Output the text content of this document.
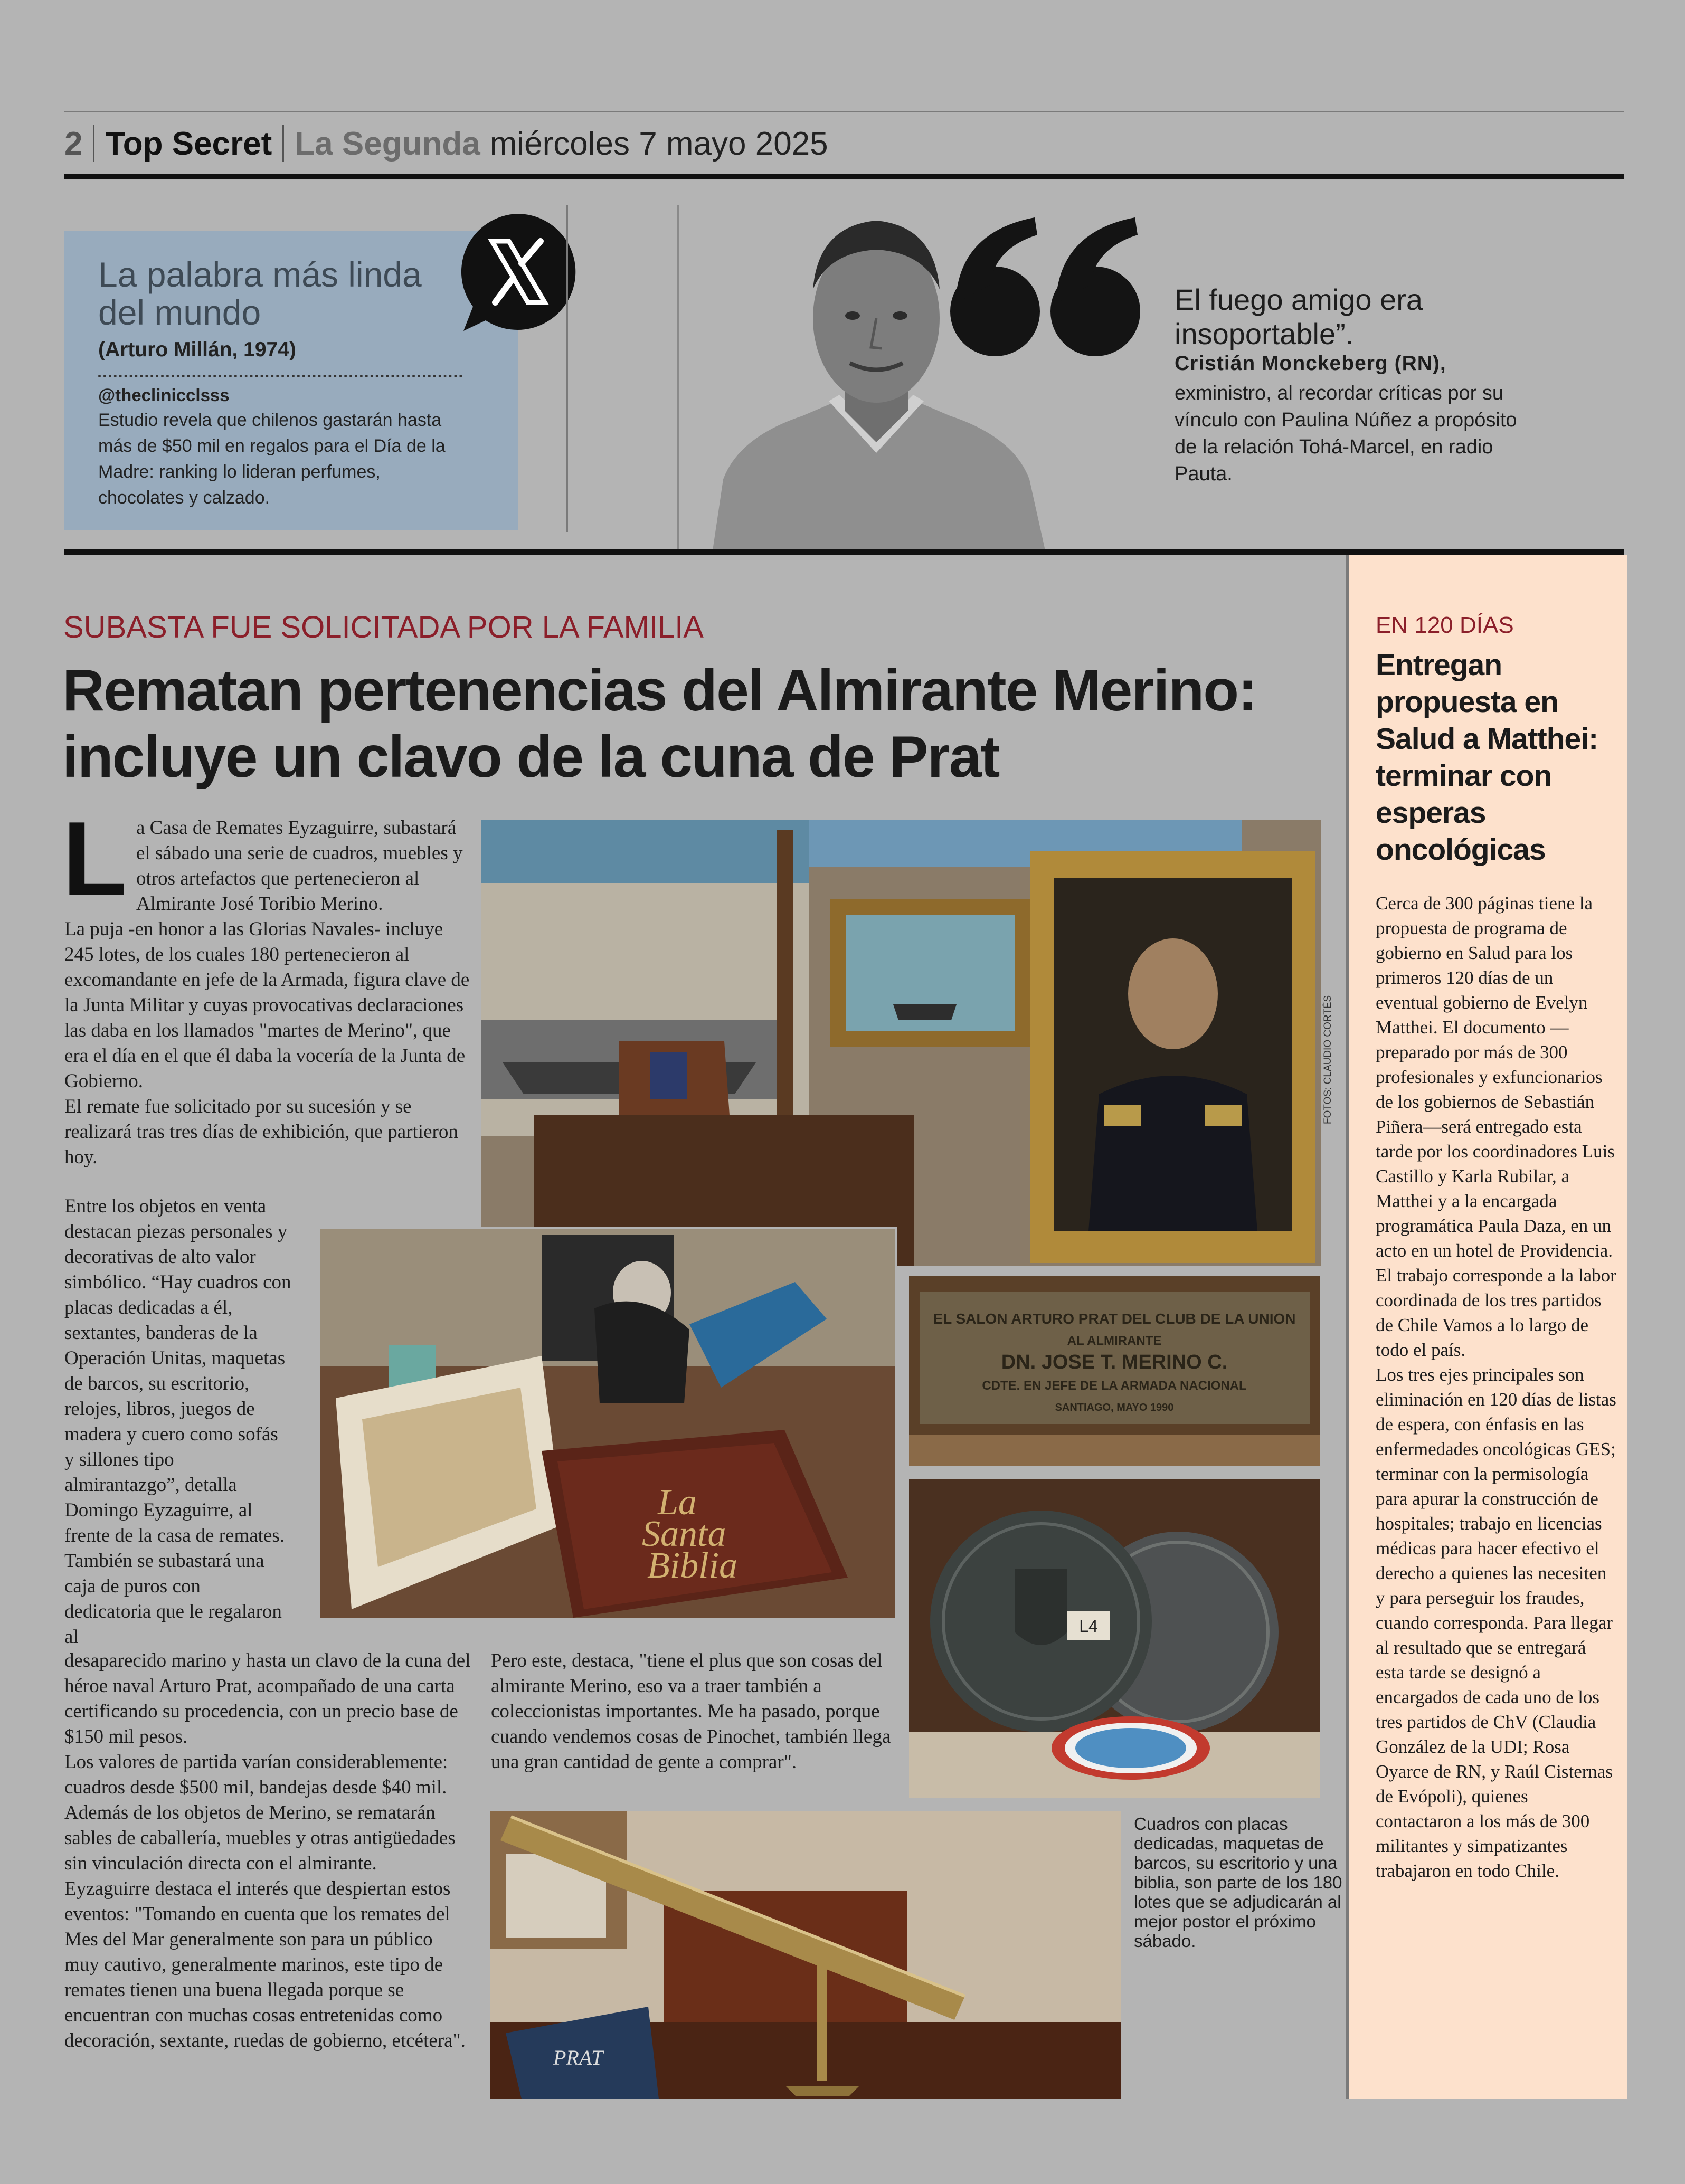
2 Top Secret La Segunda miércoles 7 mayo 2025
La palabra más linda del mundo
(Arturo Millán, 1974)
@theclinicclsss
Estudio revela que chilenos gastarán hasta más de $50 mil en regalos para el Día de la Madre: ranking lo lideran perfumes, chocolates y calzado.
El fuego amigo era insoportable”.
Cristián Monckeberg (RN),
exministro, al recordar críticas por su vínculo con Paulina Núñez a propósito de la relación Tohá-Marcel, en radio Pauta.
SUBASTA FUE SOLICITADA POR LA FAMILIA
Rematan pertenencias del Almirante Merino: incluye un clavo de la cuna de Prat
L a Casa de Remates Eyzaguirre, subastará el sábado una serie de cuadros, muebles y otros artefactos que pertenecieron al Almirante José Toribio Merino.

La puja -en honor a las Glorias Navales- incluye 245 lotes, de los cuales 180 pertenecieron al excomandante en jefe de la Armada, figura clave de la Junta Militar y cuyas provocativas declaraciones las daba en los llamados "martes de Merino", que era el día en el que él daba la vocería de la Junta de Gobierno.

El remate fue solicitado por su sucesión y se realizará tras tres días de exhibición, que partieron hoy.

Entre los objetos en venta destacan piezas personales y decorativas de alto valor simbólico. “Hay cuadros con placas dedicadas a él, sextantes, banderas de la Operación Unitas, maquetas de barcos, su escritorio, relojes, libros, juegos de madera y cuero como sofás y sillones tipo almirantazgo”, detalla Domingo Eyzaguirre, al frente de la casa de remates.

También se subastará una caja de puros con dedicatoria que le regalaron al

desaparecido marino y hasta un clavo de la cuna del héroe naval Arturo Prat, acompañado de una carta certificando su procedencia, con un precio base de $150 mil pesos.

Los valores de partida varían considerablemente: cuadros desde $500 mil, bandejas desde $40 mil. Además de los objetos de Merino, se rematarán sables de caballería, muebles y otras antigüedades sin vinculación directa con el almirante.

Eyzaguirre destaca el interés que despiertan estos eventos: "Tomando en cuenta que los remates del Mes del Mar generalmente son para un público muy cautivo, generalmente marinos, este tipo de remates tienen una buena llegada porque se encuentran con muchas cosas entretenidas como decoración, sextante, ruedas de gobierno, etcétera".

Pero este, destaca, "tiene el plus que son cosas del almirante Merino, eso va a traer también a coleccionistas importantes. Me ha pasado, porque cuando vendemos cosas de Pinochet, también llega una gran cantidad de gente a comprar".

La Santa Biblia
EL SALON ARTURO PRAT DEL CLUB DE LA UNION
AL ALMIRANTE
DN. JOSE T. MERINO C.
CDTE. EN JEFE DE LA ARMADA NACIONAL
SANTIAGO, MAYO 1990
L4
PRAT
FOTOS: CLAUDIO CORTÉS
Cuadros con placas dedicadas, maquetas de barcos, su escritorio y una biblia, son parte de los 180 lotes que se adjudicarán al mejor postor el próximo sábado.
EN 120 DÍAS
Entregan propuesta en Salud a Matthei: terminar con esperas oncológicas

Cerca de 300 páginas tiene la propuesta de programa de gobierno en Salud para los primeros 120 días de un eventual gobierno de Evelyn Matthei. El documento —preparado por más de 300 profesionales y exfuncionarios de los gobiernos de Sebastián Piñera—será entregado esta tarde por los coordinadores Luis Castillo y Karla Rubilar, a Matthei y a la encargada programática Paula Daza, en un acto en un hotel de Providencia. El trabajo corresponde a la labor coordinada de los tres partidos de Chile Vamos a lo largo de todo el país.

Los tres ejes principales son eliminación en 120 días de listas de espera, con énfasis en las enfermedades oncológicas GES; terminar con la permisología para apurar la construcción de hospitales; trabajo en licencias médicas para hacer efectivo el derecho a quienes las necesiten y para perseguir los fraudes, cuando corresponda. Para llegar al resultado que se entregará esta tarde se designó a encargados de cada uno de los tres partidos de ChV (Claudia González de la UDI; Rosa Oyarce de RN, y Raúl Cisternas de Evópoli), quienes contactaron a los más de 300 militantes y simpatizantes trabajaron en todo Chile.
